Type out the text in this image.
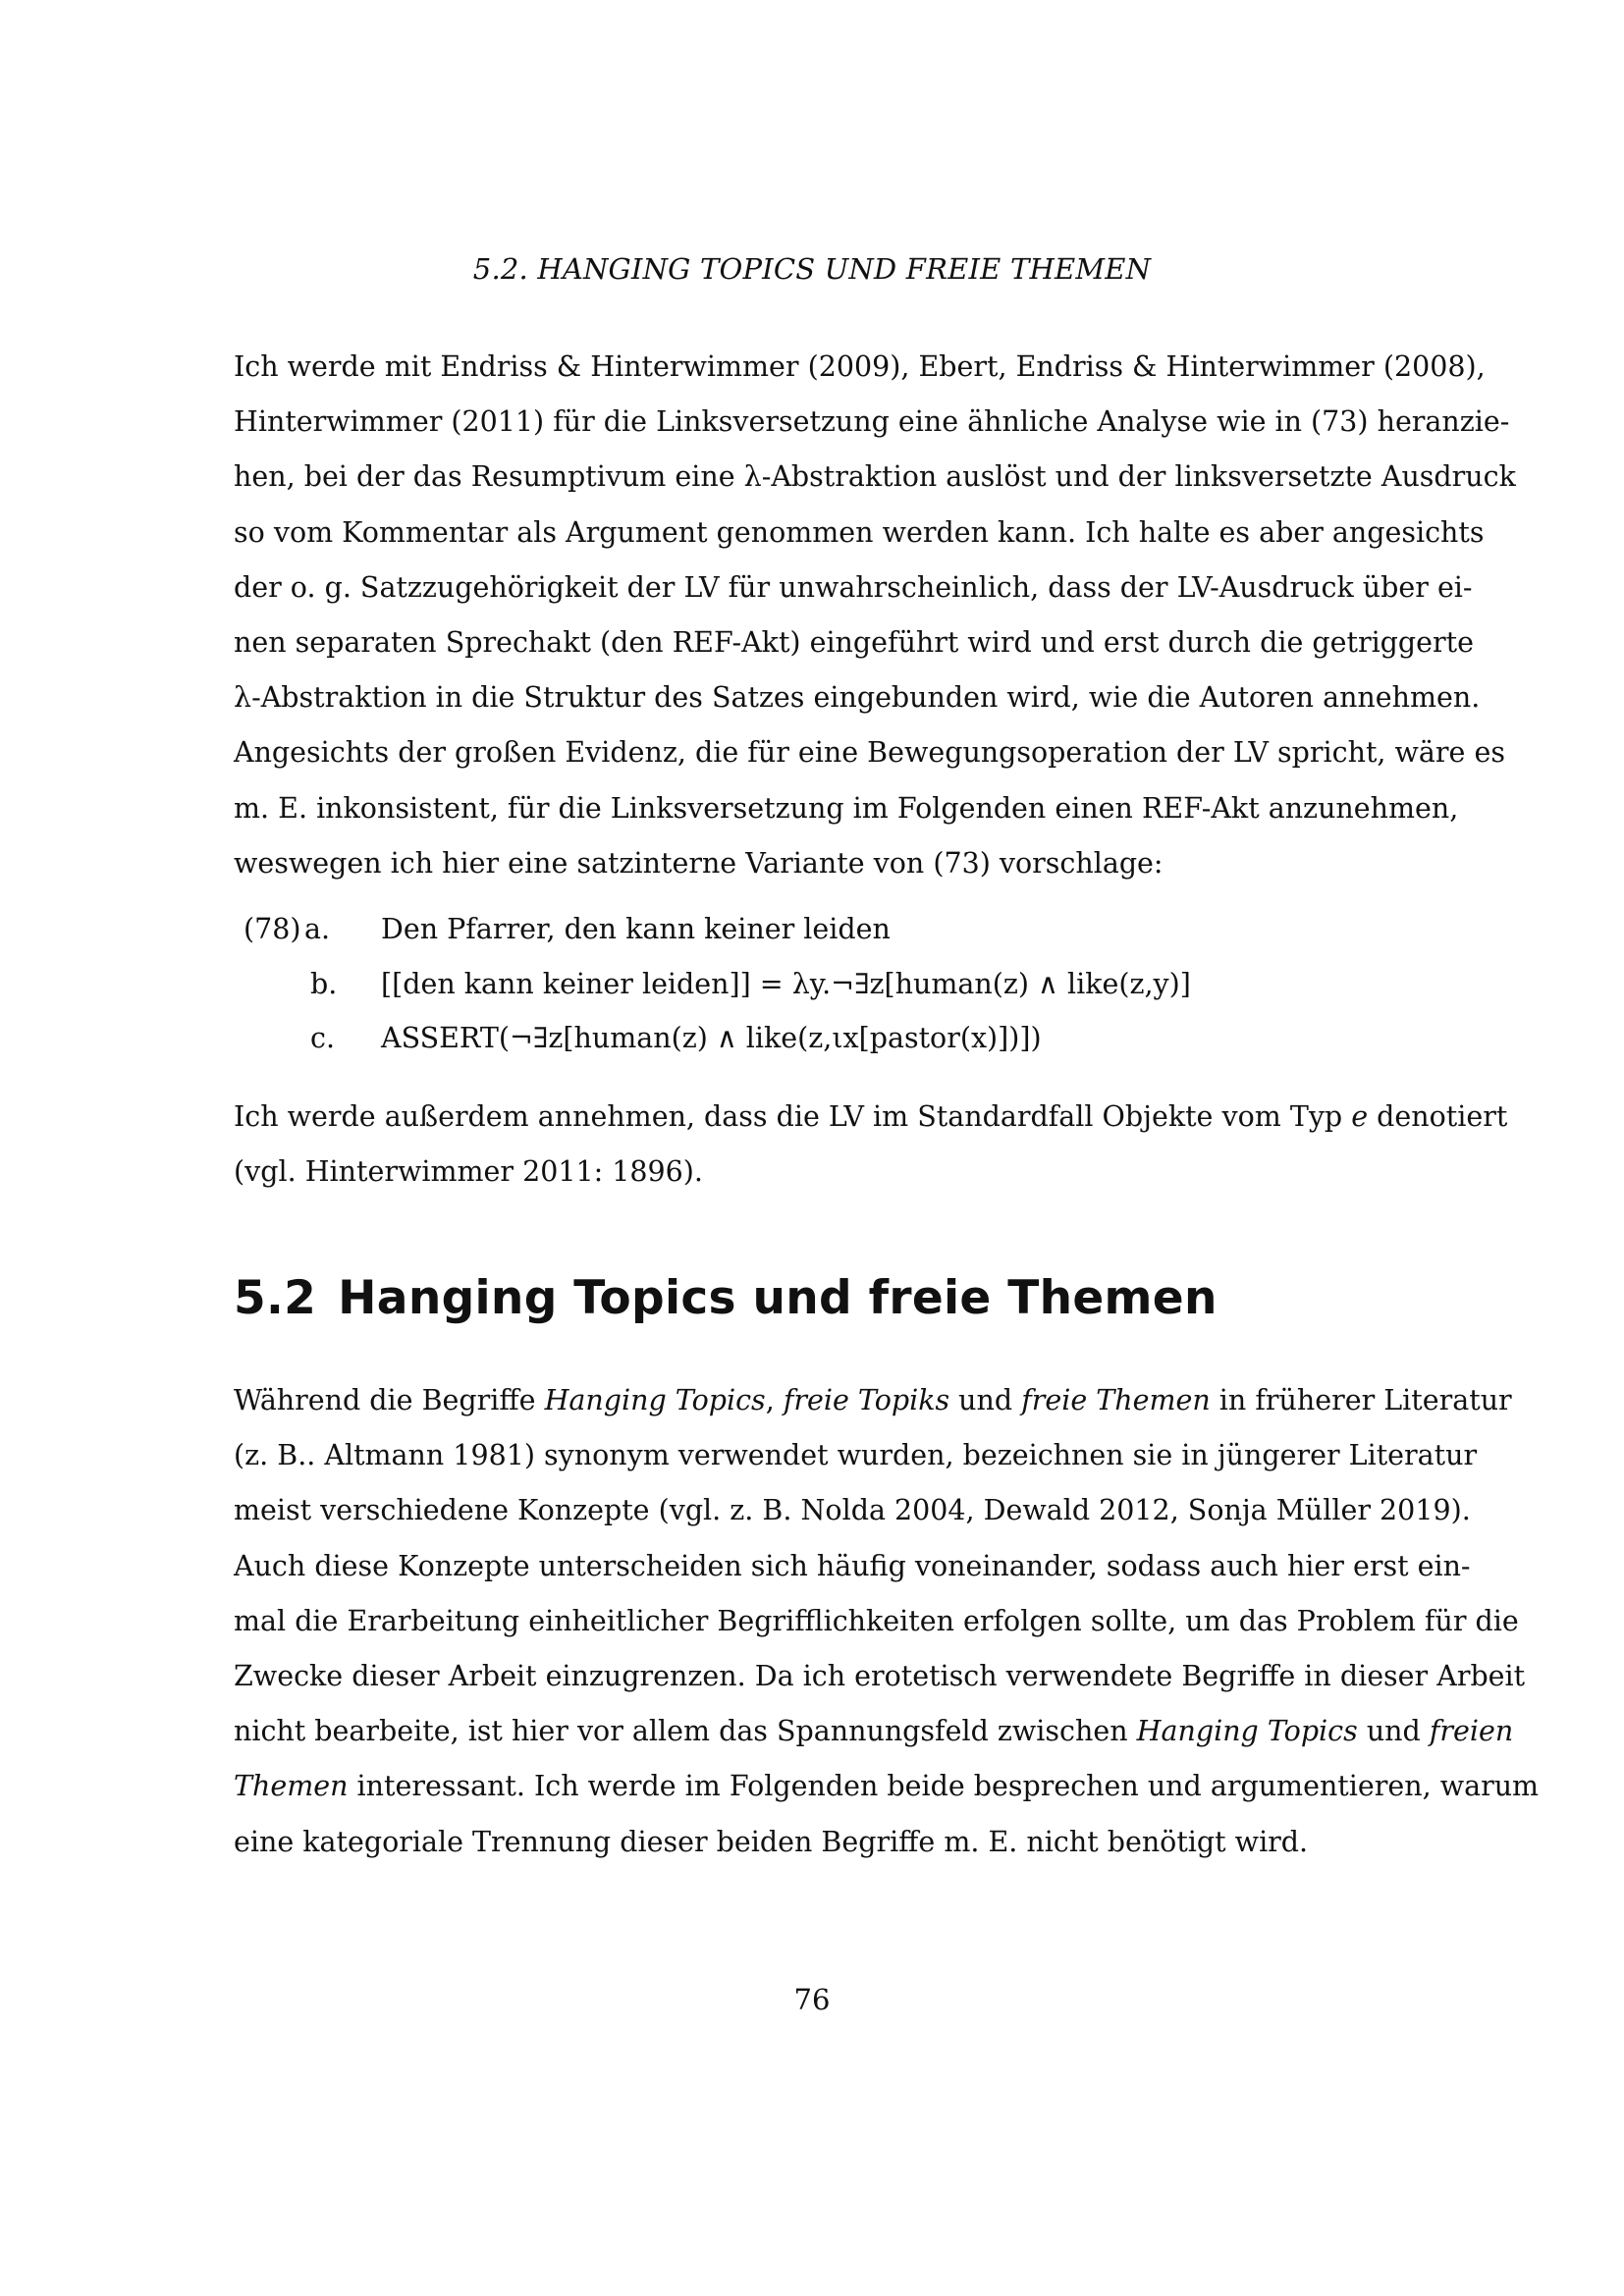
5.2. HANGING TOPICS UND FREIE THEMEN
Ich werde mit Endriss & Hinterwimmer (2009), Ebert, Endriss & Hinterwimmer (2008),
Hinterwimmer (2011) für die Linksversetzung eine ähnliche Analyse wie in (73) heranzie-
hen, bei der das Resumptivum eine λ-Abstraktion auslöst und der linksversetzte Ausdruck
so vom Kommentar als Argument genommen werden kann. Ich halte es aber angesichts
der o. g. Satzzugehörigkeit der LV für unwahrscheinlich, dass der LV-Ausdruck über ei-
nen separaten Sprechakt (den REF-Akt) eingeführt wird und erst durch die getriggerte
λ-Abstraktion in die Struktur des Satzes eingebunden wird, wie die Autoren annehmen.
Angesichts der großen Evidenz, die für eine Bewegungsoperation der LV spricht, wäre es
m. E. inkonsistent, für die Linksversetzung im Folgenden einen REF-Akt anzunehmen,
weswegen ich hier eine satzinterne Variante von (73) vorschlage:
(78) a. Den Pfarrer, den kann keiner leiden
b. [[den kann keiner leiden]] = λy.¬∃z[human(z) ∧ like(z,y)]
c. ASSERT(¬∃z[human(z) ∧ like(z,ιx[pastor(x)])])
Ich werde außerdem annehmen, dass die LV im Standardfall Objekte vom Typ e denotiert
(vgl. Hinterwimmer 2011: 1896).
5.2 Hanging Topics und freie Themen
Während die Begriffe Hanging Topics, freie Topiks und freie Themen in früherer Literatur
(z. B.. Altmann 1981) synonym verwendet wurden, bezeichnen sie in jüngerer Literatur
meist verschiedene Konzepte (vgl. z. B. Nolda 2004, Dewald 2012, Sonja Müller 2019).
Auch diese Konzepte unterscheiden sich häufig voneinander, sodass auch hier erst ein-
mal die Erarbeitung einheitlicher Begrifflichkeiten erfolgen sollte, um das Problem für die
Zwecke dieser Arbeit einzugrenzen. Da ich erotetisch verwendete Begriffe in dieser Arbeit
nicht bearbeite, ist hier vor allem das Spannungsfeld zwischen Hanging Topics und freien
Themen interessant. Ich werde im Folgenden beide besprechen und argumentieren, warum
eine kategoriale Trennung dieser beiden Begriffe m. E. nicht benötigt wird.
76
